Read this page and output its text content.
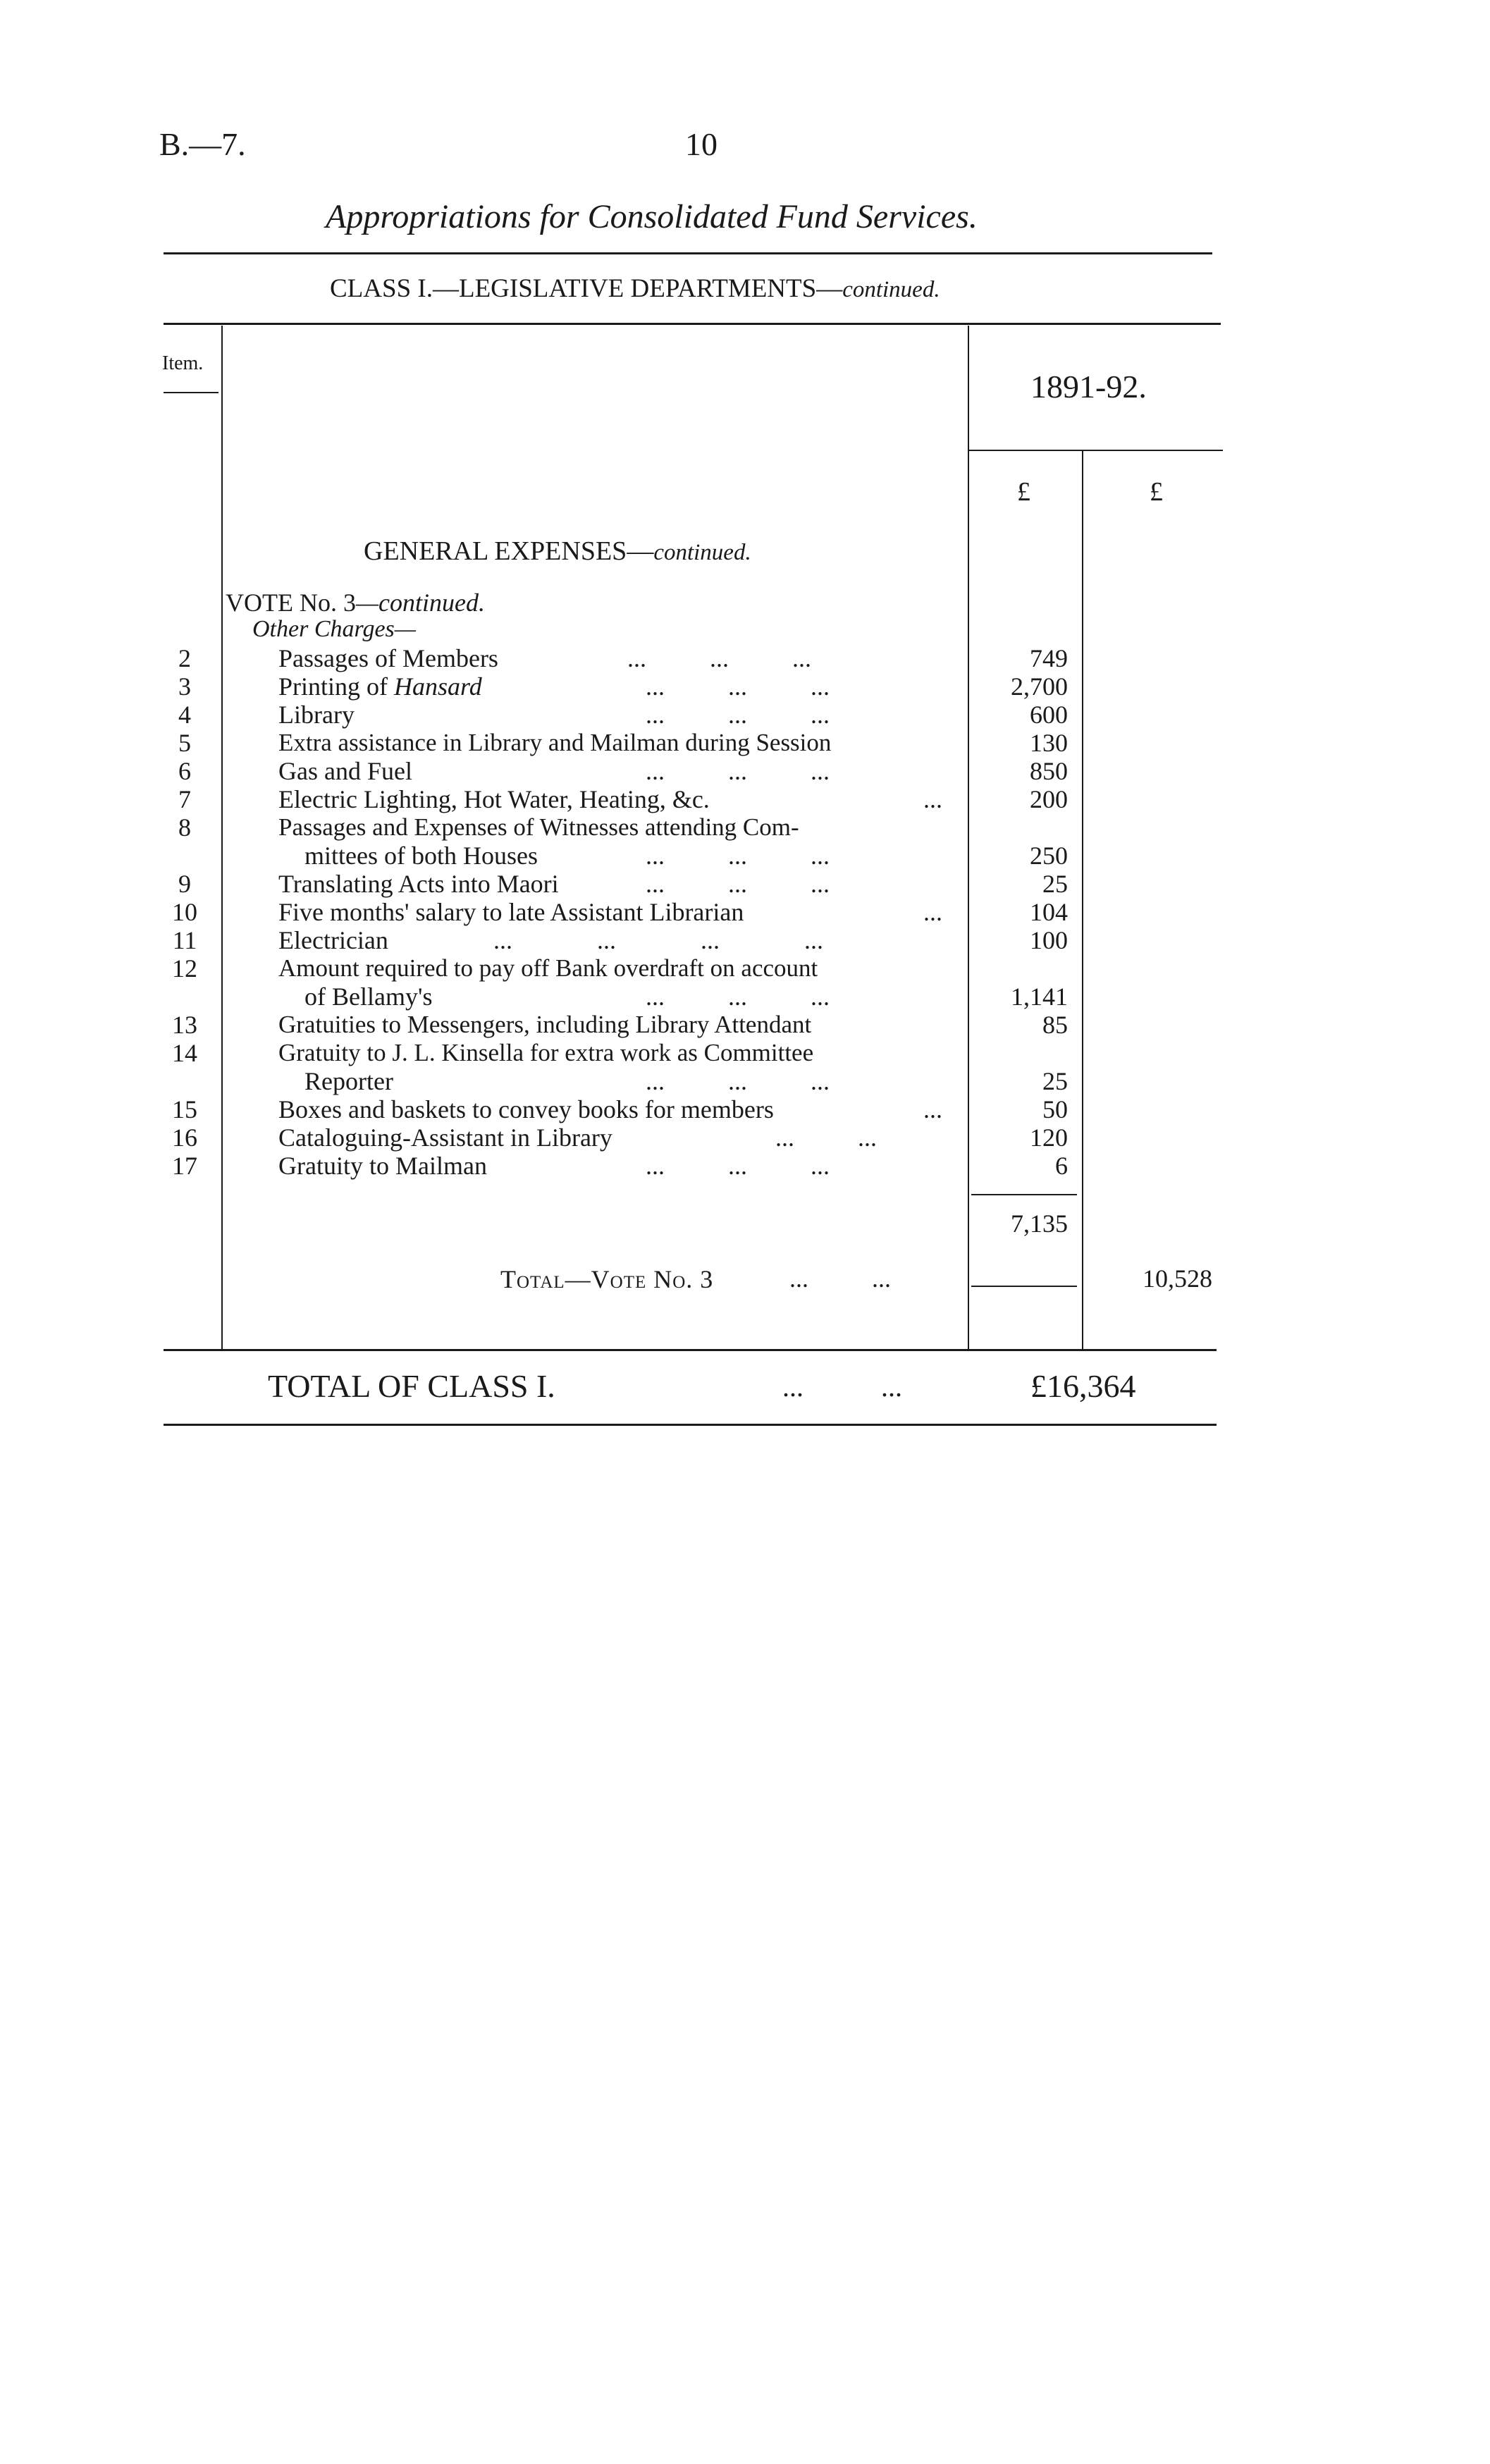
B.—7.	10
Appropriations for Consolidated Fund Services.
CLASS I.—LEGISLATIVE DEPARTMENTS—continued.
Item.
1891-92.
£	£
GENERAL EXPENSES—continued.
VOTE No. 3—continued.
Other Charges—
2	Passages of Members	...	...	...	749
3	Printing of Hansard	...	...	...	2,700
4	Library	...	...	...	600
5	Extra assistance in Library and Mailman during Session	130
6	Gas and Fuel	...	...	...	850
7	Electric Lighting, Hot Water, Heating, &c.	...	200
8	Passages and Expenses of Witnesses attending Com-
mittees of both Houses	...	...	...	250
9	Translating Acts into Maori	...	...	...	25
10	Five months' salary to late Assistant Librarian	...	104
11	Electrician	...	...	...	...	100
12	Amount required to pay off Bank overdraft on account
of Bellamy's	...	...	...	1,141
13	Gratuities to Messengers, including Library Attendant	85
14	Gratuity to J. L. Kinsella for extra work as Committee
Reporter	...	...	...	25
15	Boxes and baskets to convey books for members	...	50
16	Cataloguing-Assistant in Library	...	...	120
17	Gratuity to Mailman	...	...	...	6
7,135
Total—Vote No. 3	...	...	10,528
TOTAL OF CLASS I.	...	...	£16,364
